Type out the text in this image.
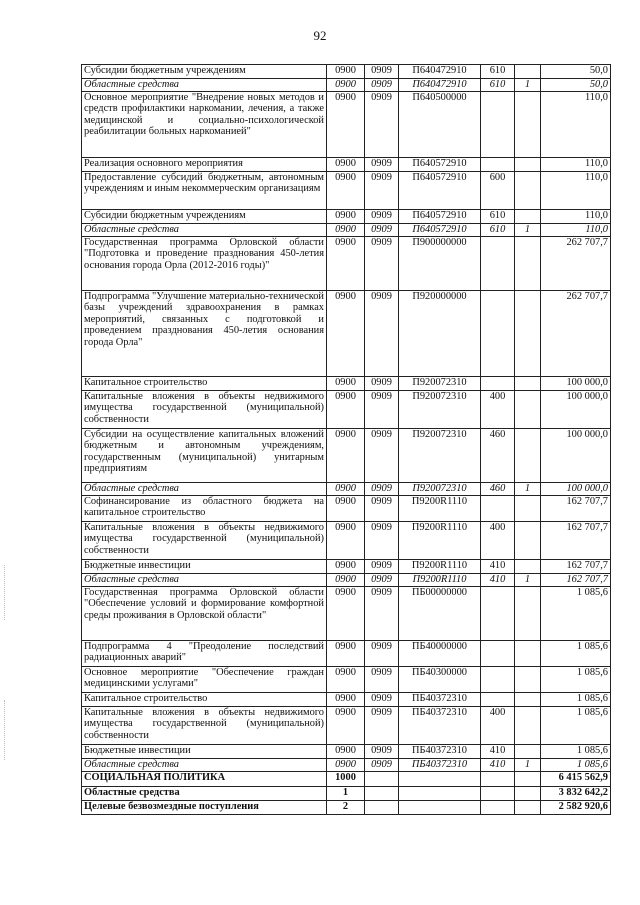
92
Субсидии бюджетным учреждениям	0900	0909	П640472910	610		50,0
Областные средства	0900	0909	П640472910	610	1	50,0
Основное мероприятие "Внедрение новых методов и средств профилактики наркомании, лечения, а также медицинской и социально-психологической реабилитации больных наркоманией"	0900	0909	П640500000			110,0
Реализация основного мероприятия	0900	0909	П640572910			110,0
Предоставление субсидий бюджетным, автономным учреждениям и иным некоммерческим организациям	0900	0909	П640572910	600		110,0
Субсидии бюджетным учреждениям	0900	0909	П640572910	610		110,0
Областные средства	0900	0909	П640572910	610	1	110,0
Государственная программа Орловской области "Подготовка и проведение празднования 450-летия основания города Орла (2012-2016 годы)"	0900	0909	П900000000			262 707,7
Подпрограмма "Улучшение материально-технической базы учреждений здравоохранения в рамках мероприятий, связанных с подготовкой и проведением празднования 450-летия основания города Орла"	0900	0909	П920000000			262 707,7
Капитальное строительство	0900	0909	П920072310			100 000,0
Капитальные вложения в объекты недвижимого имущества государственной (муниципальной) собственности	0900	0909	П920072310	400		100 000,0
Субсидии на осуществление капитальных вложений бюджетным и автономным учреждениям, государственным (муниципальной) унитарным предприятиям	0900	0909	П920072310	460		100 000,0
Областные средства	0900	0909	П920072310	460	1	100 000,0
Софинансирование из областного бюджета на капитальное строительство	0900	0909	П9200R1110			162 707,7
Капитальные вложения в объекты недвижимого имущества государственной (муниципальной) собственности	0900	0909	П9200R1110	400		162 707,7
Бюджетные инвестиции	0900	0909	П9200R1110	410		162 707,7
Областные средства	0900	0909	П9200R1110	410	1	162 707,7
Государственная программа Орловской области "Обеспечение условий и формирование комфортной среды проживания в Орловской области"	0900	0909	ПБ00000000			1 085,6
Подпрограмма 4 "Преодоление последствий радиационных аварий"	0900	0909	ПБ40000000			1 085,6
Основное мероприятие "Обеспечение граждан медицинскими услугами"	0900	0909	ПБ40300000			1 085,6
Капитальное строительство	0900	0909	ПБ40372310			1 085,6
Капитальные вложения в объекты недвижимого имущества государственной (муниципальной) собственности	0900	0909	ПБ40372310	400		1 085,6
Бюджетные инвестиции	0900	0909	ПБ40372310	410		1 085,6
Областные средства	0900	0909	ПБ40372310	410	1	1 085,6
СОЦИАЛЬНАЯ ПОЛИТИКА	1000					6 415 562,9
Областные средства	1					3 832 642,2
Целевые безвозмездные поступления	2					2 582 920,6
